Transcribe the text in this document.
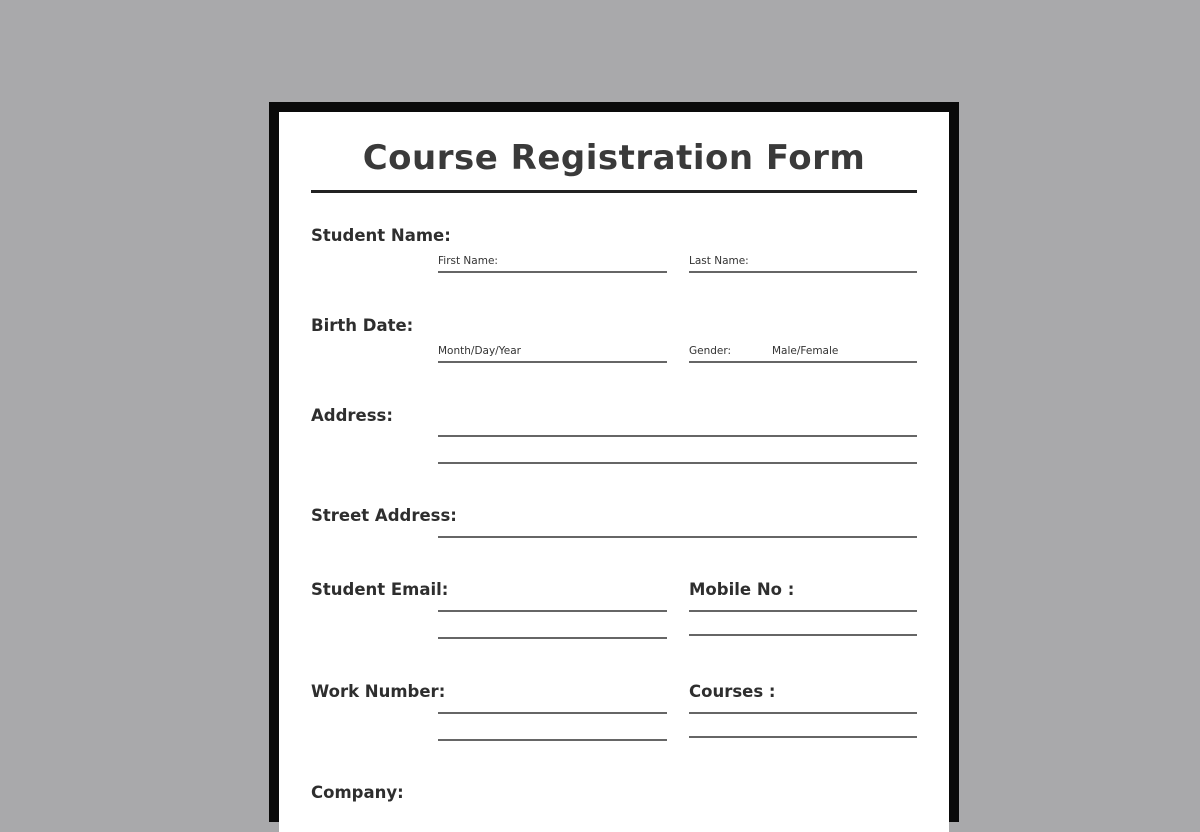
Course Registration Form
Student Name:
First Name:	Last Name:
Birth Date:
Month/Day/Year	Gender:	Male/Female
Address:
Street Address:
Student Email:	Mobile No :
Work Number:	Courses :
Company:
